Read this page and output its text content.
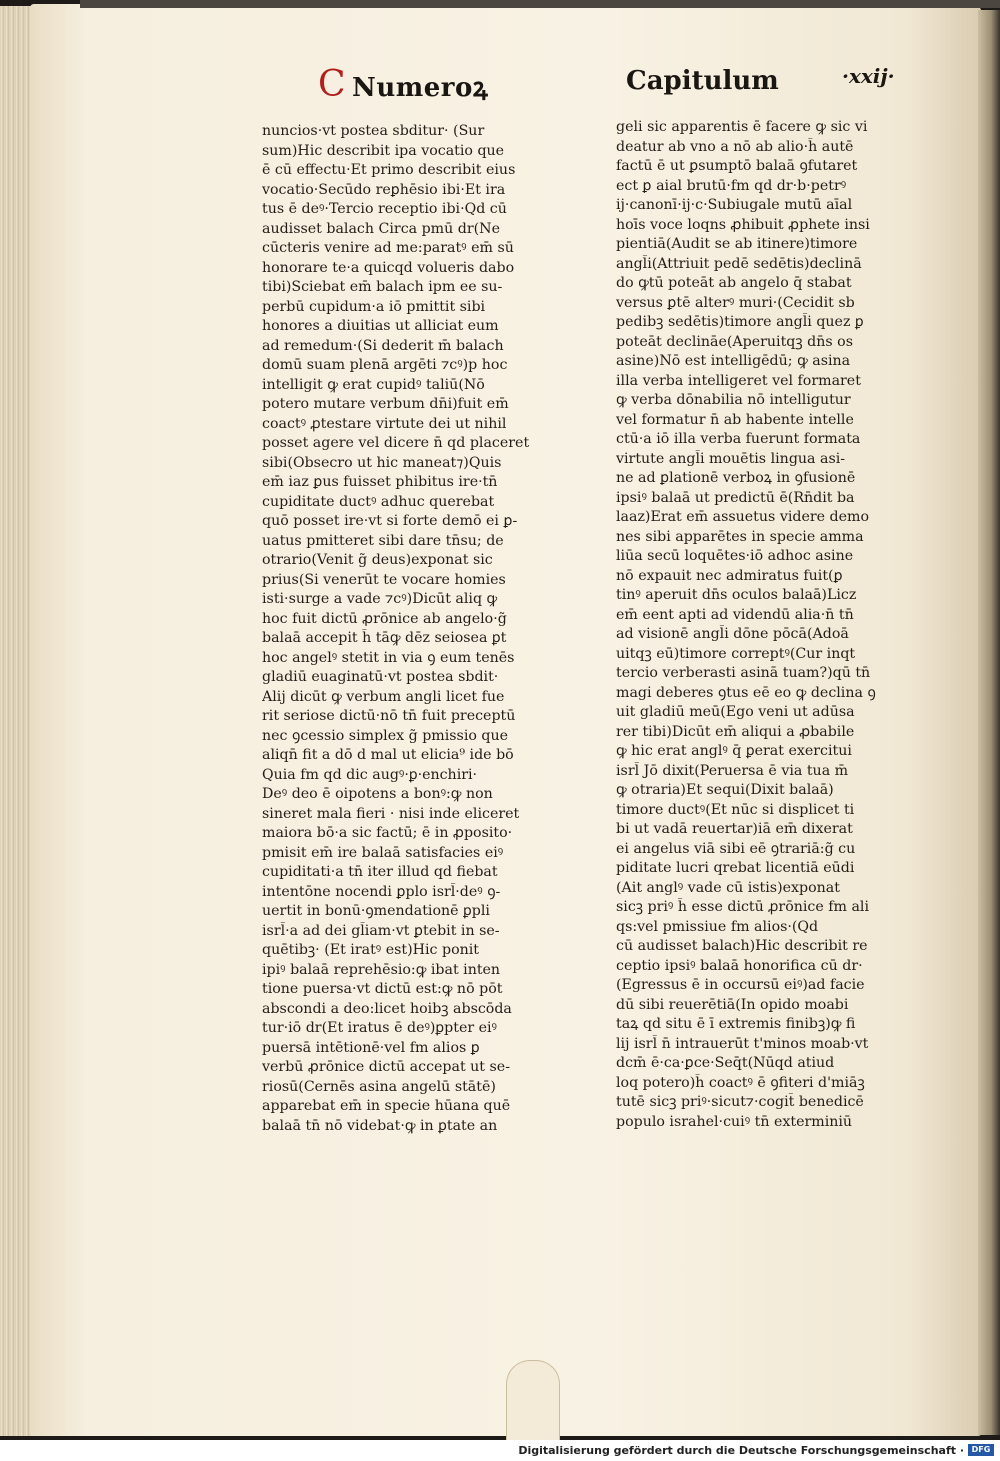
C Numeroꝝ	Capitulum	·xxij·
nuncios·vt postea sbditur· (Sur
sum)Hic describit ipa vocatio que
ē cū effectu·Et primo describit eius
vocatio·Secūdo reꝑhēsio ibi·Et ira
tus ē deꝰ·Tercio receptio ibi·Qd cū
audisset balach Circa pmū dr(Ne
cūcteris venire ad me:paratꝰ em̄ sū
honorare te·a quicqd volueris dabo
tibi)Sciebat em̄ balach ipm ee su-
perbū cupidum·a iō pmittit sibi
honores a diuitias ut alliciat eum
ad remedum·(Si dederit m̄ balach
domū suam plenā argēti ⁊cꝰ)p hoc
intelligit ꝙ erat cupidꝰ taliū(Nō
potero mutare verbum dn̄i)fuit em̄
coactꝰ ꝓtestare virtute dei ut nihil
posset agere vel dicere n̄ qd placeret
sibi(Obsecro ut hic maneat⁊)Quis
em̄ iaz ꝑus fuisset phibitus ire·tn̄
cupiditate ductꝰ adhuc querebat
quō posset ire·vt si forte demō ei ꝑ-
uatus pmitteret sibi dare tn̄su; de
otrario(Venit g̃ deus)exponat sic
prius(Si venerūt te vocare homies
isti·surge a vade ⁊cꝰ)Dicūt aliq ꝙ
hoc fuit dictū ꝓrōnice ab angelo·g̃
balaā accepit h̄ tāꝙ dēz seiosea ꝑt
hoc angelꝰ stetit in via ꝯ eum tenēs
gladiū euaginatū·vt postea sbdit·
Alij dicūt ꝙ verbum angli licet fue
rit seriose dictū·nō tn̄ fuit preceptū
nec ꝯcessio simplex g̃ pmissio que
aliqn̄ fit a dō d mal ut elicia⁹ ide bō
Quia fm qd dic augꝰ·ꝑ·enchiri·
Deꝰ deo ē oipotens a bonꝰ:ꝙ non
sineret mala fieri · nisi inde eliceret
maiora bō·a sic factū; ē in ꝓposito·
pmisit em̄ ire balaā satisfacies eiꝰ
cupiditati·a tn̄ iter illud qd fiebat
intentōne nocendi ꝑplo isrl̄·deꝰ ꝯ-
uertit in bonū·ꝯmendationē ꝑpli
isrl̄·a ad dei gl̄iam·vt ꝑtebit in se-
quētibꝫ· (Et iratꝰ est)Hic ponit
ipiꝰ balaā reprehēsio:ꝙ ibat inten
tione puersa·vt dictū est:ꝙ nō pōt
abscondi a deo:licet hoibꝫ abscōda
tur·iō dr(Et iratus ē deꝰ)ꝑpter eiꝰ
puersā intētionē·vel fm alios ꝑ
verbū ꝓrōnice dictū accepat ut se-
riosū(Cernēs asina angelū stātē)
apparebat em̄ in specie hūana quē
balaā tn̄ nō videbat·ꝙ in ꝑtate an
geli sic apparentis ē facere ꝙ sic vi
deatur ab vno a nō ab alio·h̄ autē
factū ē ut ꝑsumptō balaā ꝯfutaret
ect ꝑ aial brutū·fm qd dr·b·petrꝰ
ij·canonī·ij·c·Subiugale mutū aīal
hoīs voce loqns ꝓhibuit ꝓphete insi
pientiā(Audit se ab itinere)timore
angl̄i(Attriuit pedē sedētis)declinā
do ꝙtū poteāt ab angelo q̄ stabat
versus ꝑtē alterꝰ muri·(Cecidit sb
pedibꝫ sedētis)timore angl̄i quez ꝑ
poteāt declināe(Aperuitqꝫ dn̄s os
asine)Nō est intelligēdū; ꝙ asina
illa verba intelligeret vel formaret
ꝙ verba dōnabilia nō intelligutur
vel formatur n̄ ab habente intelle
ctū·a iō illa verba fuerunt formata
virtute angl̄i mouētis lingua asi-
ne ad ꝑlationē verboꝝ in ꝯfusionē
ipsiꝰ balaā ut predictū ē(Rn̄dit ba
laaz)Erat em̄ assuetus videre demo
nes sibi apparētes in specie amma
liūa secū loquētes·iō adhoc asine
nō expauit nec admiratus fuit(ꝑ
tinꝰ aperuit dn̄s oculos balaā)Licz
em̄ eent apti ad videndū alia·n̄ tn̄
ad visionē angl̄i dōne pōcā(Adoā
uitqꝫ eū)timore correptꝰ(Cur inqt
tercio verberasti asinā tuam?)qū tn̄
magi̇ deberes ꝯtus eē eo ꝙ declina ꝯ
uit gladiū meū(Ego veni ut adūsa
rer tibi)Dicūt em̄ aliqui a ꝓbabile
ꝙ hic erat anglꝰ q̄ ꝑerat exercitui
isrl̄ Jō dixit(Peruersa ē via tua m̄
ꝙ otraria)Et sequi(Dixit balaā)
timore ductꝰ(Et nūc si displicet ti
bi ut vadā reuertar)iā em̄ dixerat
ei angelus viā sibi eē ꝯtrariā:g̃ cu
piditate lucri qrebat licentiā eūdi
(Ait anglꝰ vade cū istis)exponat
sicꝫ priꝰ h̄ esse dictū ꝓrōnice fm ali
qs:vel pmissiue fm alios·(Qd
cū audisset balach)Hic describit re
ceptio ipsiꝰ balaā honorifica cū dr·
(Egressus ē in occursū eiꝰ)ad facie
dū sibi reuerētiā(In opido moabi
taꝝ qd situ ē ī extremis finibꝫ)ꝙ fi
lij isrl̄ n̄ intrauerūt t'minos moab·vt
dcm̄ ē·ca·ꝑce·Seq̄t(Nūqd atiud
loq potero)h̄ coactꝰ ē ꝯfiteri d'miāꝫ
tutē sicꝫ priꝰ·sicut⁊·cogit̄ benedicē
populo israhel·cuiꝰ tn̄ exterminiū
Digitalisierung gefördert durch die Deutsche Forschungsgemeinschaft · DFG
